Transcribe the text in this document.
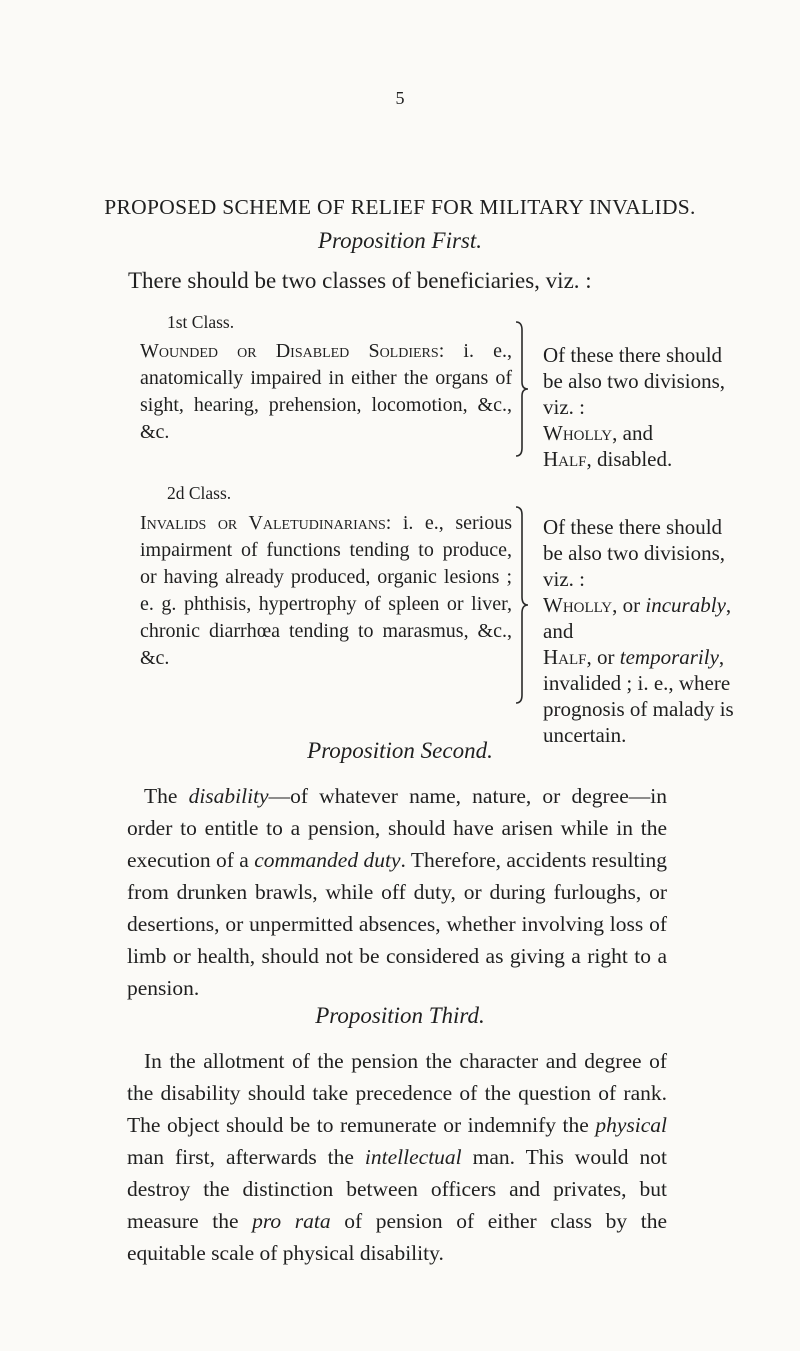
5
PROPOSED SCHEME OF RELIEF FOR MILITARY INVALIDS.
Proposition First.
There should be two classes of beneficiaries, viz. :
1st Class.
Wounded or Disabled Soldiers: i. e., anatomically impaired in either the organs of sight, hearing, prehension, locomotion, &c., &c.
Of these there should be also two divisions, viz. :
Wholly, and
Half, disabled.
2d Class.
Invalids or Valetudinarians: i. e., serious impairment of functions tending to produce, or having already produced, organic lesions ; e. g. phthisis, hypertrophy of spleen or liver, chronic diarrhœa tending to marasmus, &c., &c.
Of these there should be also two divisions, viz. :
Wholly, or incurably, and
Half, or temporarily, invalided ; i. e., where prognosis of malady is uncertain.
Proposition Second.
The disability—of whatever name, nature, or degree—in order to entitle to a pension, should have arisen while in the execution of a commanded duty. Therefore, accidents resulting from drunken brawls, while off duty, or during furloughs, or desertions, or unpermitted absences, whether involving loss of limb or health, should not be considered as giving a right to a pension.
Proposition Third.
In the allotment of the pension the character and degree of the disability should take precedence of the question of rank. The object should be to remunerate or indemnify the physical man first, afterwards the intellectual man. This would not destroy the distinction between officers and privates, but measure the pro rata of pension of either class by the equitable scale of physical disability.
